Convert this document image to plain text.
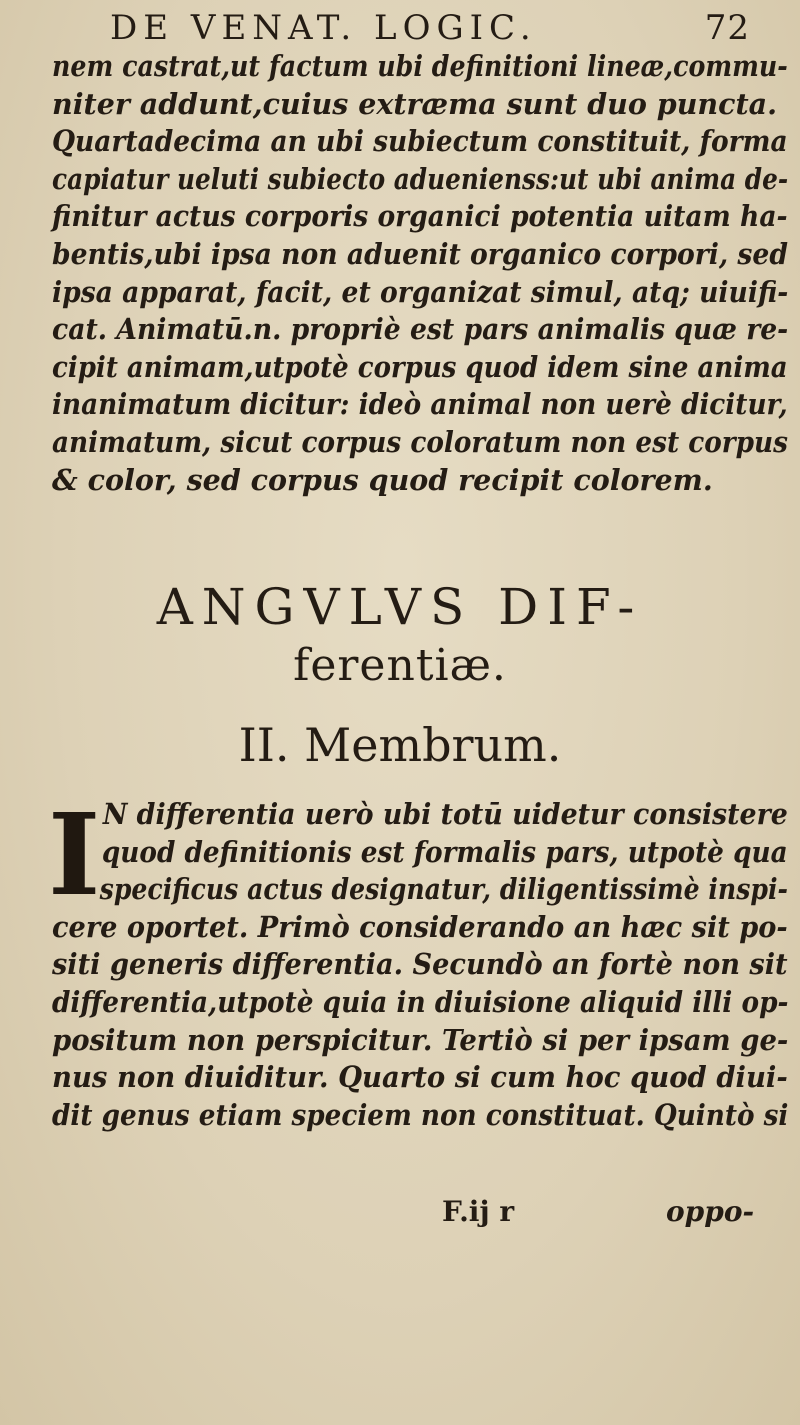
DE VENAT. LOGIC.	72
nem castrat,ut factum ubi definitioni lineæ,commu-
niter addunt,cuius extræma sunt duo puncta.
Quartadecima an ubi subiectum constituit, forma
capiatur ueluti subiecto aduenienss:ut ubi anima de-
finitur actus corporis organici potentia uitam ha-
bentis,ubi ipsa non aduenit organico corpori, sed
ipsa apparat, facit, et organizat simul, atq; uiuifi-
cat. Animatū.n. propriè est pars animalis quæ re-
cipit animam,utpotè corpus quod idem sine anima
inanimatum dicitur: ideò animal non uerè dicitur,
animatum, sicut corpus coloratum non est corpus
& color, sed corpus quod recipit colorem.
ANGVLVS DIF-
ferentiæ.
II. Membrum.
I N differentia uerò ubi totū uidetur consistere
quod definitionis est formalis pars, utpotè qua
specificus actus designatur, diligentissimè inspi-
cere oportet. Primò considerando an hæc sit po-
siti generis differentia. Secundò an fortè non sit
differentia,utpotè quia in diuisione aliquid illi op-
positum non perspicitur. Tertiò si per ipsam ge-
nus non diuiditur. Quarto si cum hoc quod diui-
dit genus etiam speciem non constituat. Quintò si
F.ij r	oppo-
